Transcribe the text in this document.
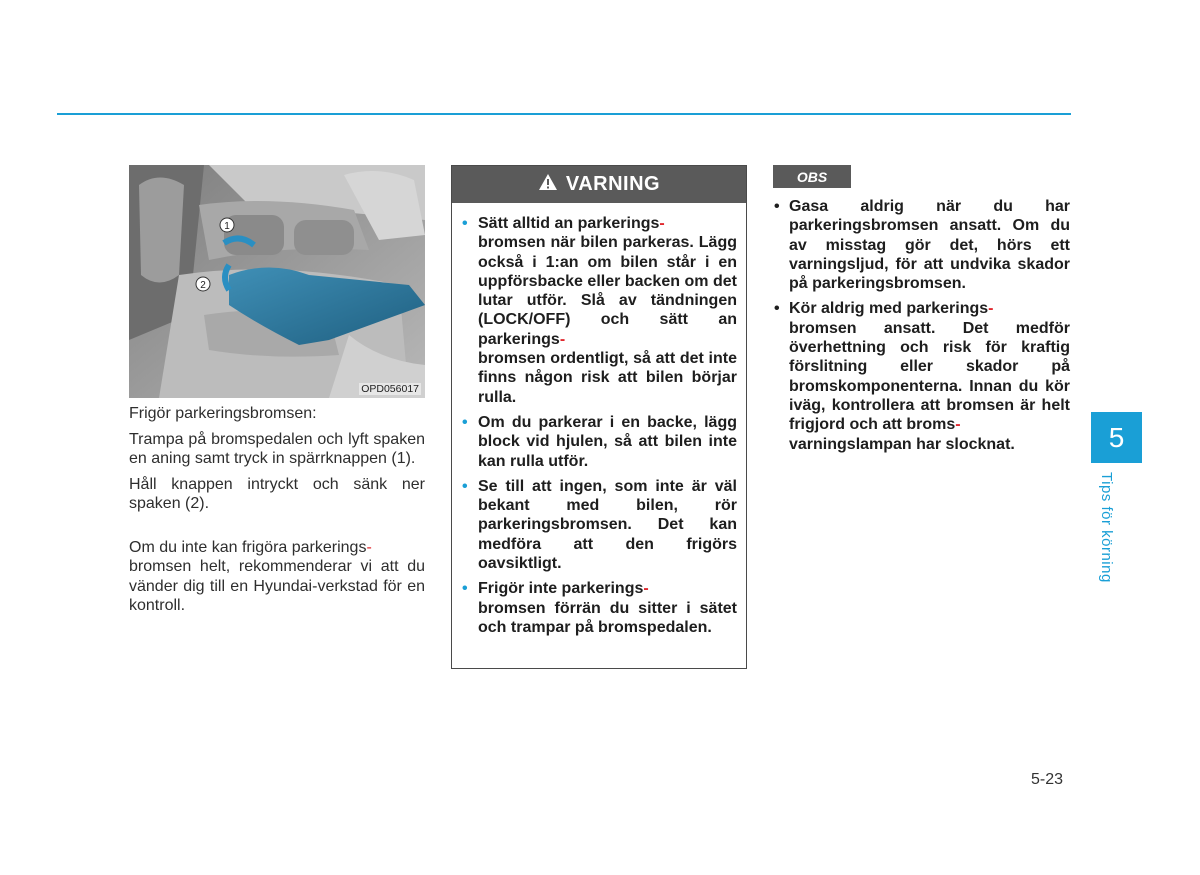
1
2
OPD056017

Frigör parkeringsbromsen:

Trampa på bromspedalen och lyft spaken en aning samt tryck in spärrknappen (1).

Håll knappen intryckt och sänk ner spaken (2).

Om du inte kan frigöra parkerings-
bromsen helt, rekommenderar vi att du vänder dig till en Hyundai-verkstad för en kontroll.

VARNING
• Sätt alltid an parkerings-
bromsen när bilen parkeras. Lägg också i 1:an om bilen står i en uppförsbacke eller backen om det lutar utför. Slå av tändningen (LOCK/OFF) och sätt an parkerings-
bromsen ordentligt, så att det inte finns någon risk att bilen börjar rulla.
• Om du parkerar i en backe, lägg block vid hjulen, så att bilen inte kan rulla utför.
• Se till att ingen, som inte är väl bekant med bilen, rör parkeringsbromsen. Det kan medföra att den frigörs oavsiktligt.
• Frigör inte parkerings-
bromsen förrän du sitter i sätet och trampar på bromspedalen.
OBS
• Gasa aldrig när du har parkeringsbromsen ansatt. Om du av misstag gör det, hörs ett varningsljud, för att undvika skador på parkeringsbromsen.
• Kör aldrig med parkerings-
bromsen ansatt. Det medför överhettning och risk för kraftig förslitning eller skador på bromskomponenterna. Innan du kör iväg, kontrollera att bromsen är helt frigjord och att broms-
varningslampan har slocknat.	5
Tips för körning
5-23
